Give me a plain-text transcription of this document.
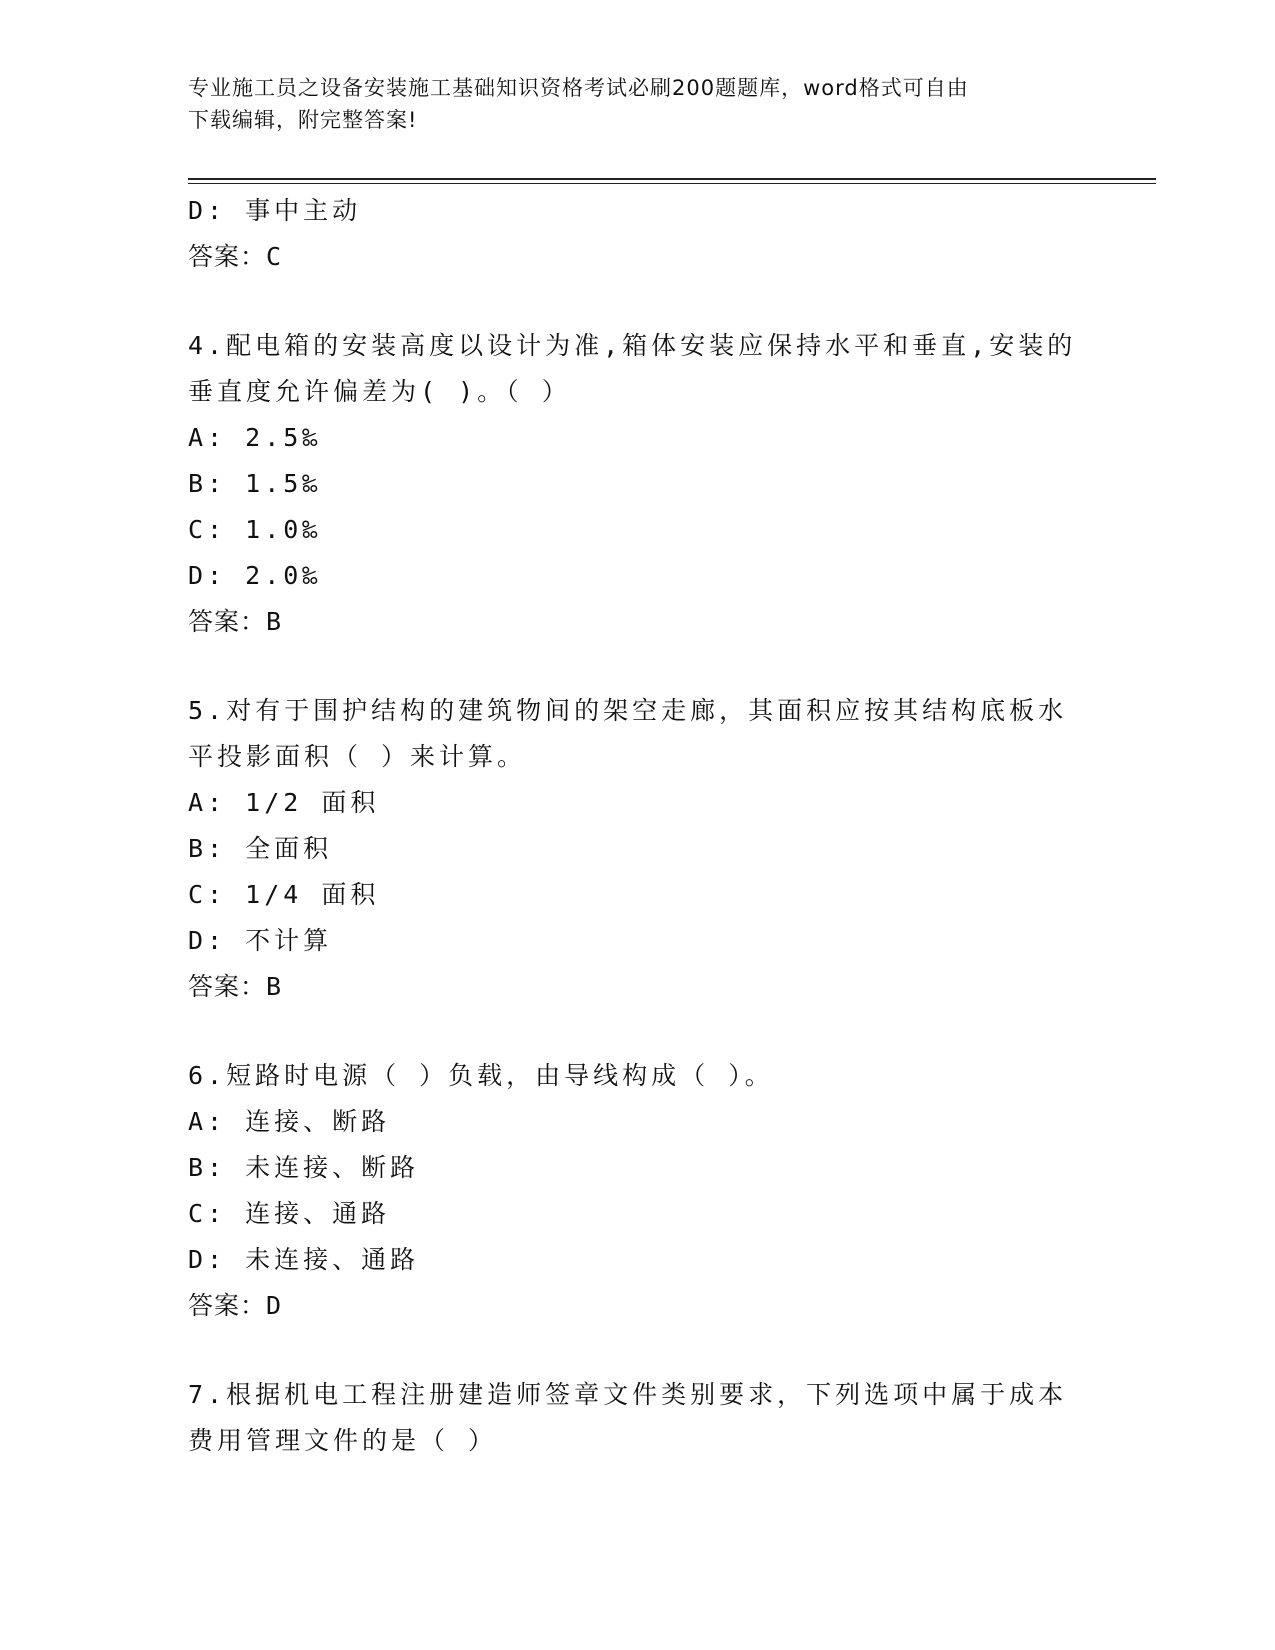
专业施工员之设备安装施工基础知识资格考试必刷200题题库，word格式可自由
下载编辑，附完整答案!
D: 事中主动
答案：C
4.配电箱的安装高度以设计为准,箱体安装应保持水平和垂直,安装的
垂直度允许偏差为( )。（ ）
A: 2.5‰
B: 1.5‰
C: 1.0‰
D: 2.0‰
答案：B
5.对有于围护结构的建筑物间的架空走廊，其面积应按其结构底板水
平投影面积（ ）来计算。
A: 1/2 面积
B: 全面积
C: 1/4 面积
D: 不计算
答案：B
6.短路时电源（ ）负载，由导线构成（ ）。
A: 连接、断路
B: 未连接、断路
C: 连接、通路
D: 未连接、通路
答案：D
7.根据机电工程注册建造师签章文件类别要求，下列选项中属于成本
费用管理文件的是（ ）
